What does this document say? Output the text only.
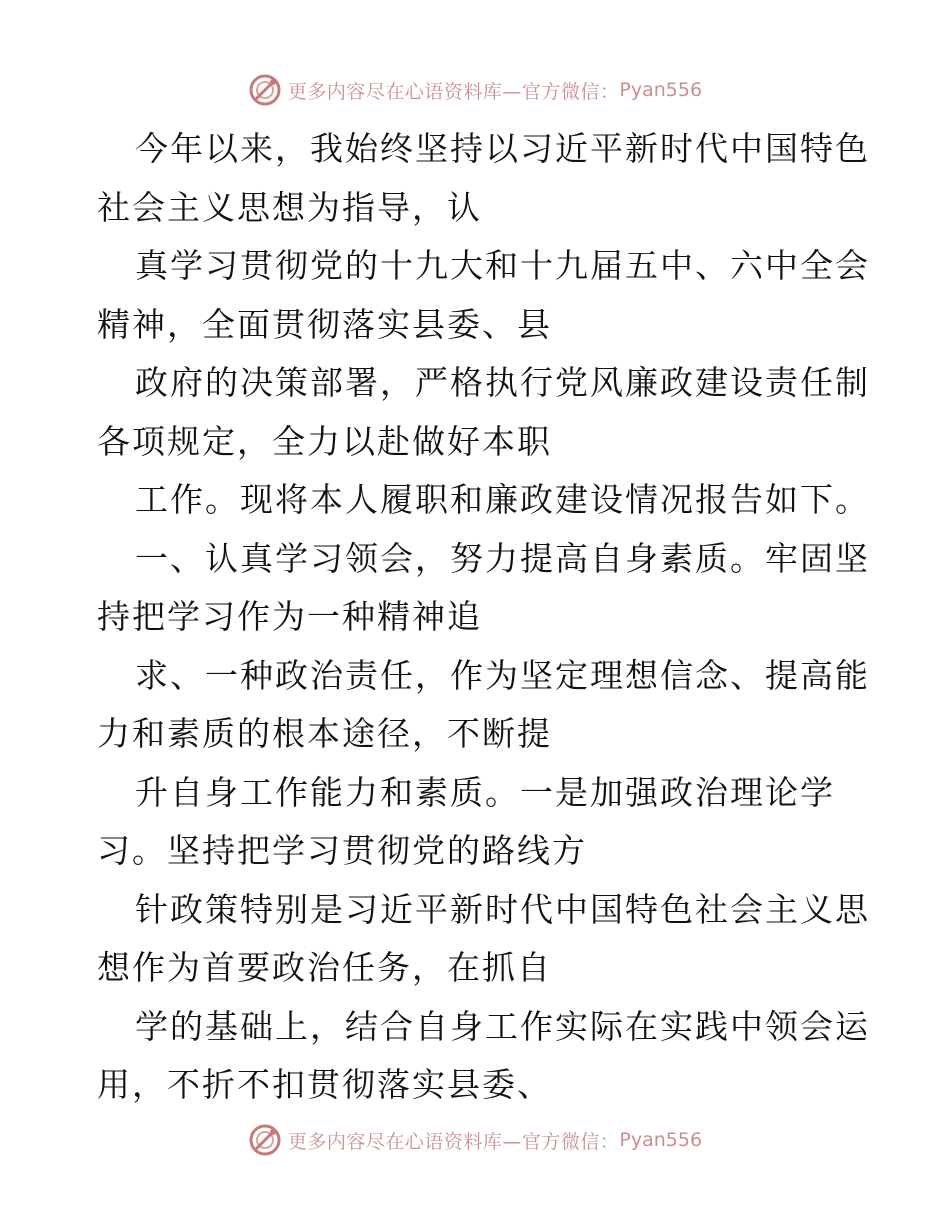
更多内容尽在心语资料库—官方微信： Pyan556
今年以来，我始终坚持以习近平新时代中国特色
社会主义思想为指导，认
真学习贯彻党的十九大和十九届五中、六中全会
精神，全面贯彻落实县委、县
政府的决策部署，严格执行党风廉政建设责任制
各项规定，全力以赴做好本职
工作。现将本人履职和廉政建设情况报告如下。
一、认真学习领会，努力提高自身素质。牢固坚
持把学习作为一种精神追
求、一种政治责任，作为坚定理想信念、提高能
力和素质的根本途径，不断提
升自身工作能力和素质。一是加强政治理论学
习。坚持把学习贯彻党的路线方
针政策特别是习近平新时代中国特色社会主义思
想作为首要政治任务，在抓自
学的基础上，结合自身工作实际在实践中领会运
用，不折不扣贯彻落实县委、
更多内容尽在心语资料库—官方微信： Pyan556
